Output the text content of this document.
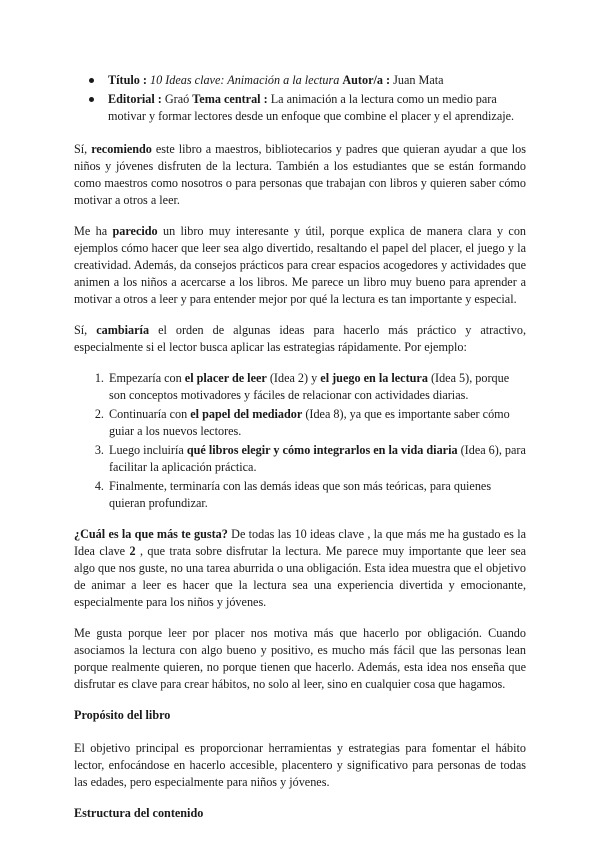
Título : 10 Ideas clave: Animación a la lectura Autor/a : Juan Mata
Editorial : Graó Tema central : La animación a la lectura como un medio para motivar y formar lectores desde un enfoque que combine el placer y el aprendizaje.

Sí, recomiendo este libro a maestros, bibliotecarios y padres que quieran ayudar a que los niños y jóvenes disfruten de la lectura. También a los estudiantes que se están formando como maestros como nosotros o para personas que trabajan con libros y quieren saber cómo motivar a otros a leer.

Me ha parecido un libro muy interesante y útil, porque explica de manera clara y con ejemplos cómo hacer que leer sea algo divertido, resaltando el papel del placer, el juego y la creatividad. Además, da consejos prácticos para crear espacios acogedores y actividades que animen a los niños a acercarse a los libros. Me parece un libro muy bueno para aprender a motivar a otros a leer y para entender mejor por qué la lectura es tan importante y especial.

Sí, cambiaría el orden de algunas ideas para hacerlo más práctico y atractivo, especialmente si el lector busca aplicar las estrategias rápidamente. Por ejemplo:

1. Empezaría con el placer de leer (Idea 2) y el juego en la lectura (Idea 5), porque son conceptos motivadores y fáciles de relacionar con actividades diarias.
2. Continuaría con el papel del mediador (Idea 8), ya que es importante saber cómo guiar a los nuevos lectores.
3. Luego incluiría qué libros elegir y cómo integrarlos en la vida diaria (Idea 6), para facilitar la aplicación práctica.
4. Finalmente, terminaría con las demás ideas que son más teóricas, para quienes quieran profundizar.

¿Cuál es la que más te gusta? De todas las 10 ideas clave , la que más me ha gustado es la Idea clave 2 , que trata sobre disfrutar la lectura. Me parece muy importante que leer sea algo que nos guste, no una tarea aburrida o una obligación. Esta idea muestra que el objetivo de animar a leer es hacer que la lectura sea una experiencia divertida y emocionante, especialmente para los niños y jóvenes.

Me gusta porque leer por placer nos motiva más que hacerlo por obligación. Cuando asociamos la lectura con algo bueno y positivo, es mucho más fácil que las personas lean porque realmente quieren, no porque tienen que hacerlo. Además, esta idea nos enseña que disfrutar es clave para crear hábitos, no solo al leer, sino en cualquier cosa que hagamos.

Propósito del libro

El objetivo principal es proporcionar herramientas y estrategias para fomentar el hábito lector, enfocándose en hacerlo accesible, placentero y significativo para personas de todas las edades, pero especialmente para niños y jóvenes.

Estructura del contenido
